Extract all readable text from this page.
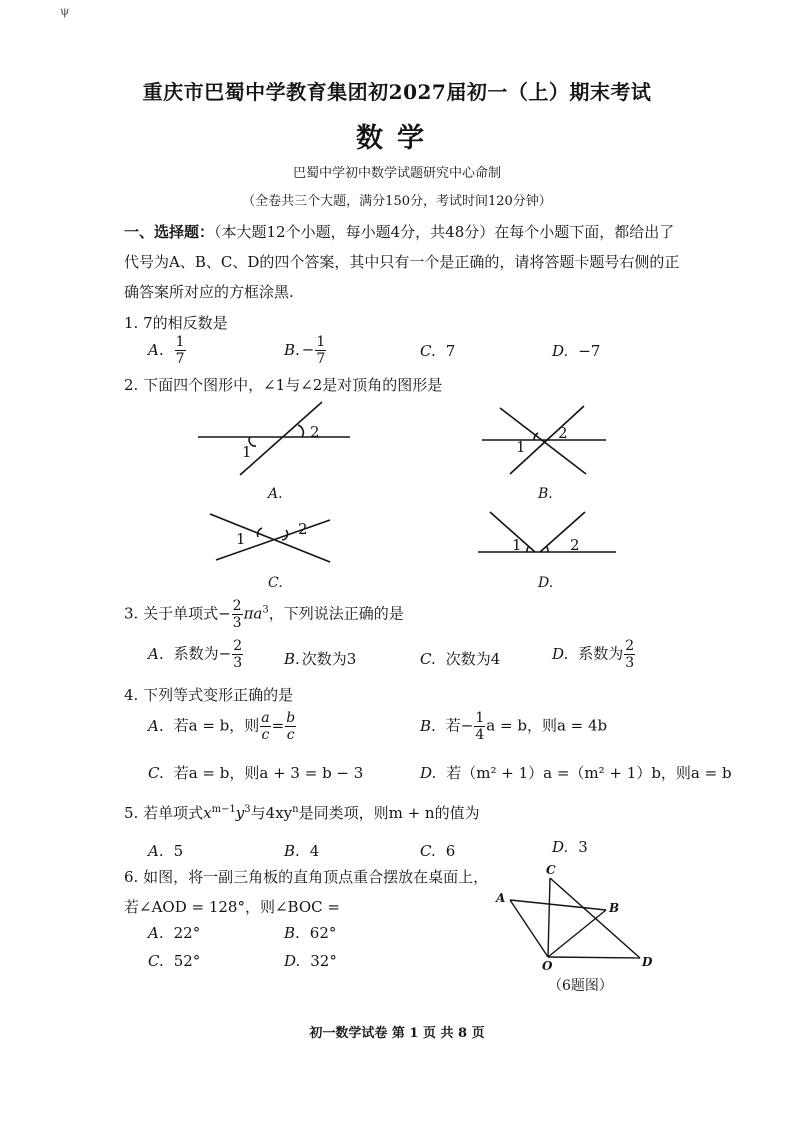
ψ
重庆市巴蜀中学教育集团初2027届初一（上）期末考试
数学
巴蜀中学初中数学试题研究中心命制
（全卷共三个大题，满分150分，考试时间120分钟）
一、选择题：（本大题12个小题，每小题4分，共48分）在每个小题下面，都给出了
代号为A、B、C、D的四个答案，其中只有一个是正确的，请将答题卡题号右侧的正
确答案所对应的方框涂黑.
1. 7的相反数是
A. $\frac{1}{7}$	B. − $\frac{1}{7}$	C. 7	D. −7
2. 下面四个图形中，∠1与∠2是对顶角的图形是
1
2
1
2
1
2
1	2
A.	B.
C.	D.
3. 关于单项式− $\frac{2}{3} \pi a^3$，下列说法正确的是
A. 系数为− $\frac{2}{3}$	B. 次数为3	C. 次数为4	D. 系数为 $\frac{2}{3}$
4. 下列等式变形正确的是
A. 若a = b，则 $\frac{a}{c} = \frac{b}{c}$	B. 若− $\frac{1}{4}$ a = b，则a = 4b
C. 若a = b，则a + 3 = b − 3	D. 若（m² + 1）a =（m² + 1）b，则a = b
5. 若单项式$x^{m-1}y^3$与$4xy^n$是同类项，则m + n的值为
A. 5	B. 4	C. 6	D. 3
6. 如图，将一副三角板的直角顶点重合摆放在桌面上，
若∠AOD = 128°，则∠BOC =
A. 22°	B. 62°
C. 52°	D. 32°
A
B
C
D
O
（6题图）
初一数学试卷 第 1 页 共 8 页
